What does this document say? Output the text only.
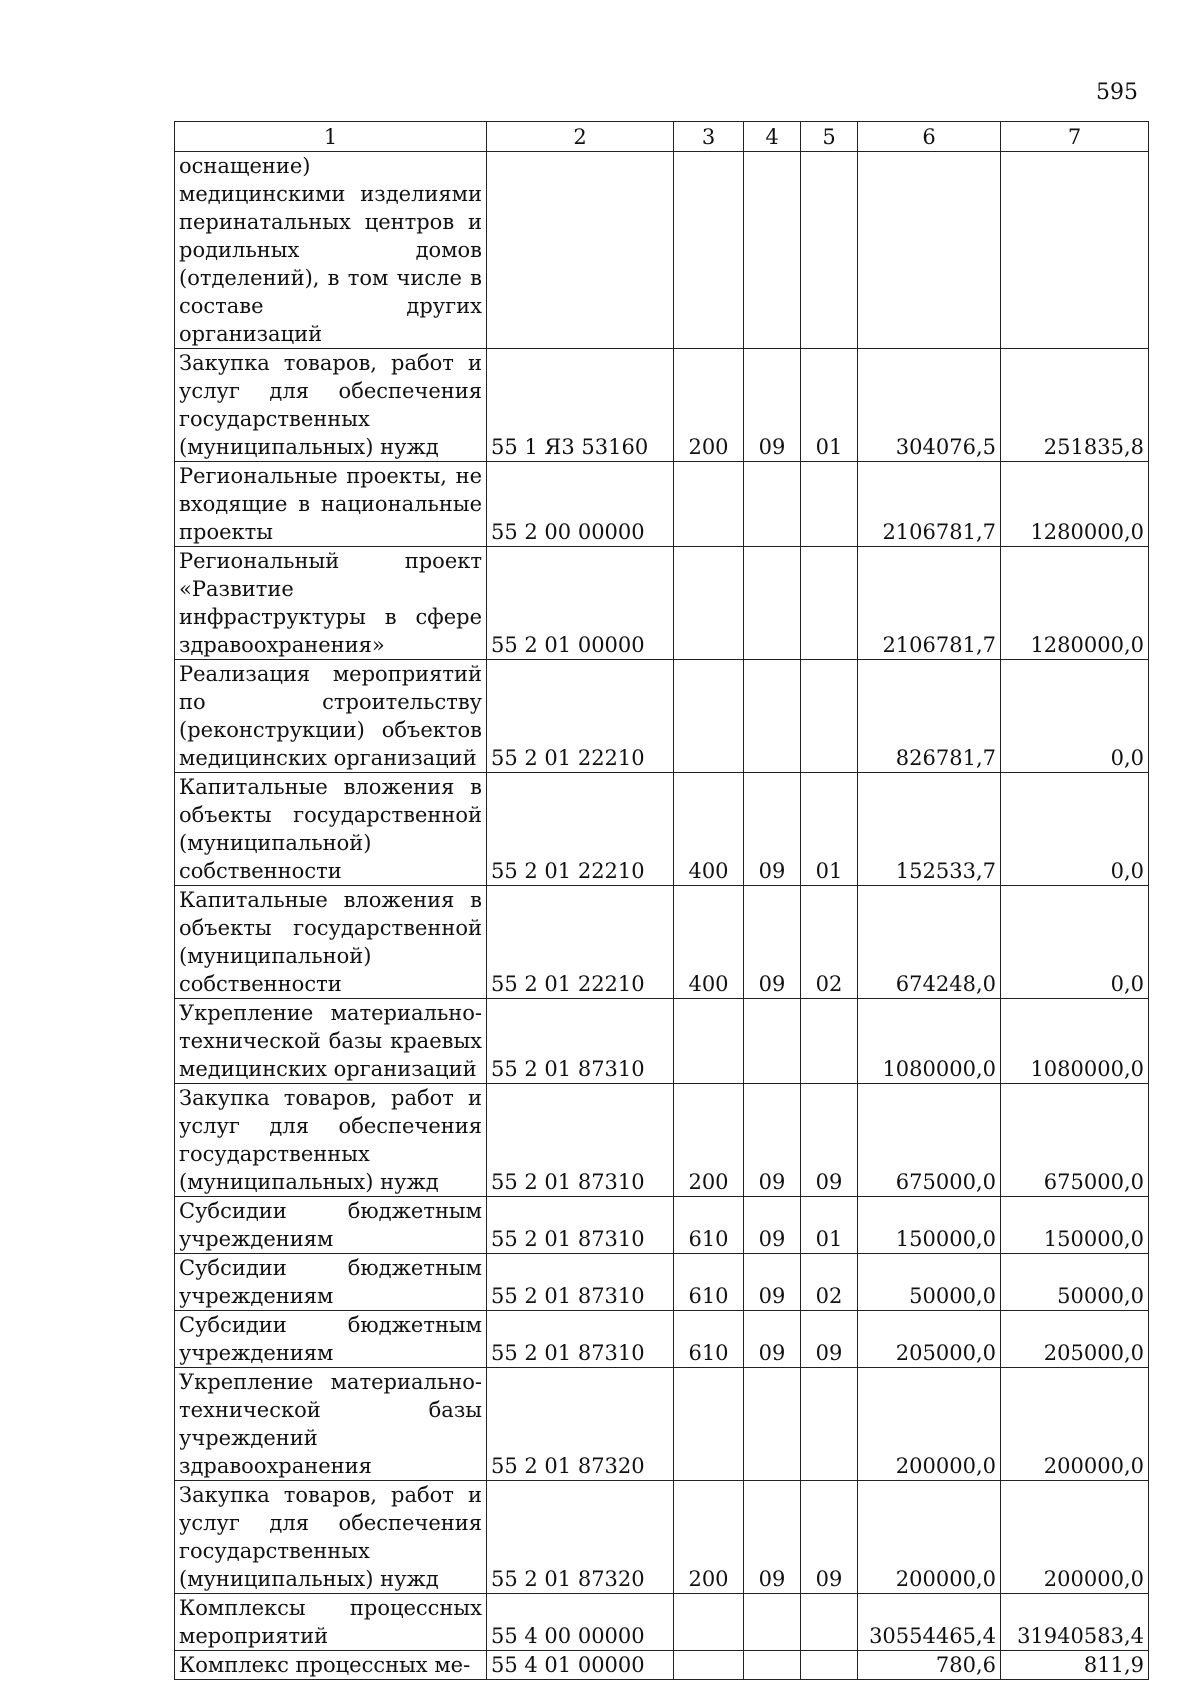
595
1	2	3	4	5	6	7
оснащение) медицинскими изделиями перинатальных центров и родильных домов (отделений), в том числе в составе других организаций						
Закупка товаров, работ и услуг для обеспечения государственных (муниципальных) нужд	55 1 Я3 53160	200	09	01	304076,5	251835,8
Региональные проекты, не входящие в национальные проекты	55 2 00 00000				2106781,7	1280000,0
Региональный проект «Развитие инфраструктуры в сфере здравоохранения»	55 2 01 00000				2106781,7	1280000,0
Реализация мероприятий по строительству (реконструкции) объектов медицинских организаций	55 2 01 22210				826781,7	0,0
Капитальные вложения в объекты государственной (муниципальной) собственности	55 2 01 22210	400	09	01	152533,7	0,0
Капитальные вложения в объекты государственной (муниципальной) собственности	55 2 01 22210	400	09	02	674248,0	0,0
Укрепление материально-технической базы краевых медицинских организаций	55 2 01 87310				1080000,0	1080000,0
Закупка товаров, работ и услуг для обеспечения государственных (муниципальных) нужд	55 2 01 87310	200	09	09	675000,0	675000,0
Субсидии бюджетным учреждениям	55 2 01 87310	610	09	01	150000,0	150000,0
Субсидии бюджетным учреждениям	55 2 01 87310	610	09	02	50000,0	50000,0
Субсидии бюджетным учреждениям	55 2 01 87310	610	09	09	205000,0	205000,0
Укрепление материально-технической базы учреждений здравоохранения	55 2 01 87320				200000,0	200000,0
Закупка товаров, работ и услуг для обеспечения государственных (муниципальных) нужд	55 2 01 87320	200	09	09	200000,0	200000,0
Комплексы процессных мероприятий	55 4 00 00000				30554465,4	31940583,4
Комплекс процессных ме-	55 4 01 00000				780,6	811,9
